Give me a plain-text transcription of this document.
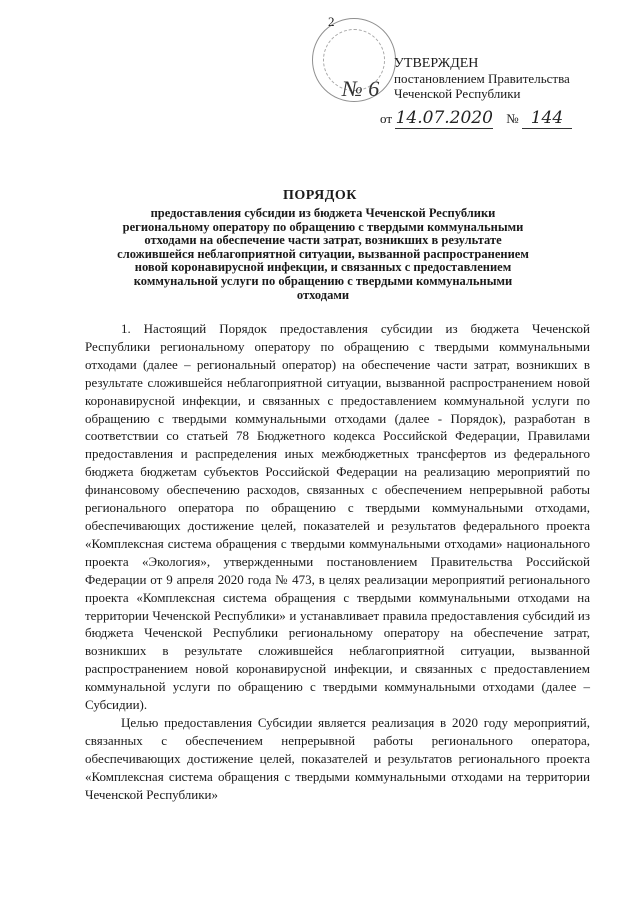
2
№ 6
УТВЕРЖДЕН
постановлением Правительства
Чеченской Республики
от 14.07.2020 № 144
ПОРЯДОК
предоставления субсидии из бюджета Чеченской Республики региональному оператору по обращению с твердыми коммунальными отходами на обеспечение части затрат, возникших в результате сложившейся неблагоприятной ситуации, вызванной распространением новой коронавирусной инфекции, и связанных с предоставлением коммунальной услуги по обращению с твердыми коммунальными отходами

1. Настоящий Порядок предоставления субсидии из бюджета Чеченской Республики региональному оператору по обращению с твердыми коммунальными отходами (далее – региональный оператор) на обеспечение части затрат, возникших в результате сложившейся неблагоприятной ситуации, вызванной распространением новой коронавирусной инфекции, и связанных с предоставлением коммунальной услуги по обращению с твердыми коммунальными отходами (далее - Порядок), разработан в соответствии со статьей 78 Бюджетного кодекса Российской Федерации, Правилами предоставления и распределения иных межбюджетных трансфертов из федерального бюджета бюджетам субъектов Российской Федерации на реализацию мероприятий по финансовому обеспечению расходов, связанных с обеспечением непрерывной работы регионального оператора по обращению с твердыми коммунальными отходами, обеспечивающих достижение целей, показателей и результатов федерального проекта «Комплексная система обращения с твердыми коммунальными отходами» национального проекта «Экология», утвержденными постановлением Правительства Российской Федерации от 9 апреля 2020 года № 473, в целях реализации мероприятий регионального проекта «Комплексная система обращения с твердыми коммунальными отходами на территории Чеченской Республики» и устанавливает правила предоставления субсидий из бюджета Чеченской Республики региональному оператору на обеспечение затрат, возникших в результате сложившейся неблагоприятной ситуации, вызванной распространением новой коронавирусной инфекции, и связанных с предоставлением коммунальной услуги по обращению с твердыми коммунальными отходами (далее – Субсидии).

Целью предоставления Субсидии является реализация в 2020 году мероприятий, связанных с обеспечением непрерывной работы регионального оператора, обеспечивающих достижение целей, показателей и результатов регионального проекта «Комплексная система обращения с твердыми коммунальными отходами на территории Чеченской Республики»
